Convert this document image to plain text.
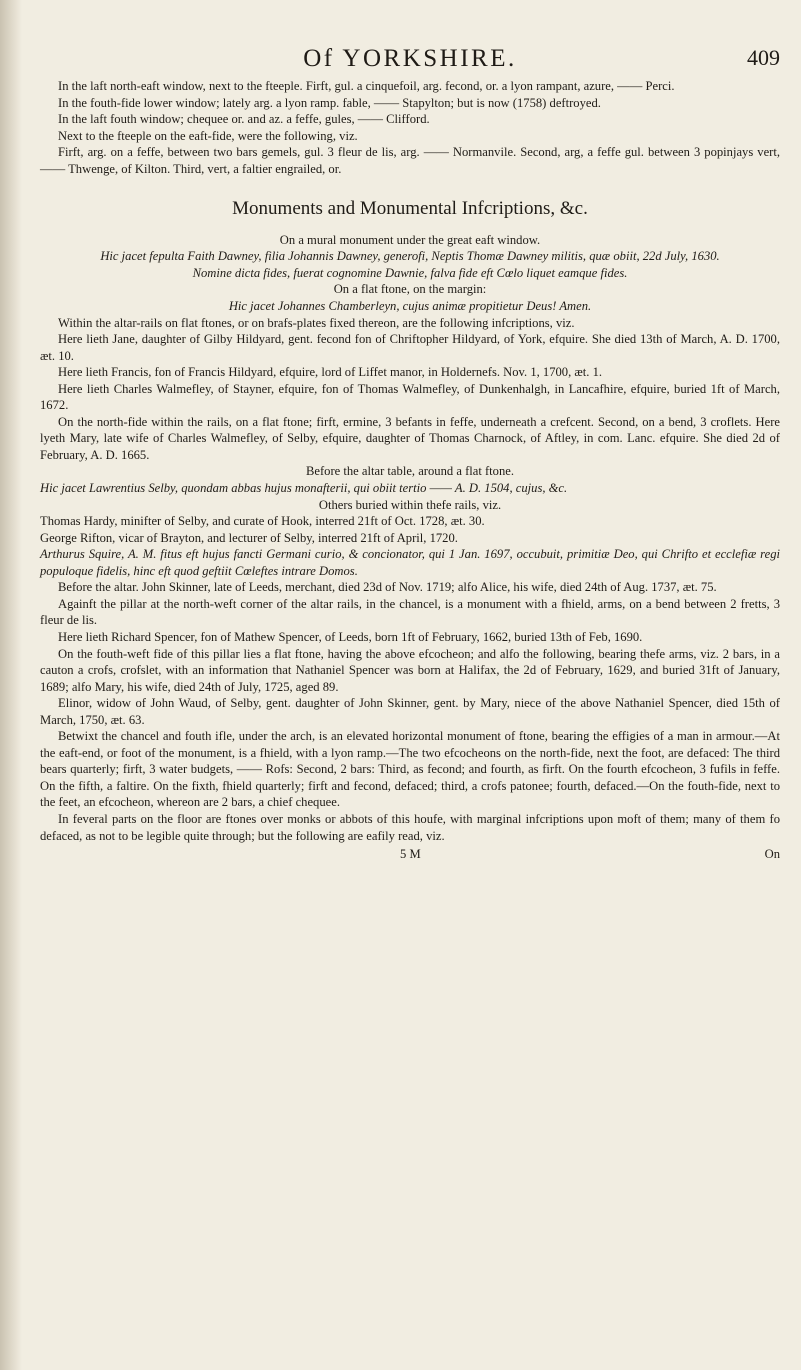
Of YORKSHIRE.	409

In the laft north-eaft window, next to the fteeple. Firft, gul. a cinquefoil, arg. fecond, or. a lyon rampant, azure, —— Perci.

In the fouth-fide lower window; lately arg. a lyon ramp. fable, —— Stapylton; but is now (1758) deftroyed.

In the laft fouth window; chequee or. and az. a feffe, gules, —— Clifford.

Next to the fteeple on the eaft-fide, were the following, viz.

Firft, arg. on a feffe, between two bars gemels, gul. 3 fleur de lis, arg. —— Normanvile. Second, arg, a feffe gul. between 3 popinjays vert, —— Thwenge, of Kilton. Third, vert, a faltier engrailed, or.

Monuments and Monumental Infcriptions, &c.

On a mural monument under the great eaft window.

Hic jacet fepulta Faith Dawney, filia Johannis Dawney, generofi, Neptis Thomæ Dawney militis, quæ obiit, 22d July, 1630. Nomine dicta fides, fuerat cognomine Dawnie, falva fide eft Cœlo liquet eamque fides.

On a flat ftone, on the margin:

Hic jacet Johannes Chamberleyn, cujus animæ propitietur Deus! Amen.

Within the altar-rails on flat ftones, or on brafs-plates fixed thereon, are the following infcriptions, viz.

Here lieth Jane, daughter of Gilby Hildyard, gent. fecond fon of Chriftopher Hildyard, of York, efquire. She died 13th of March, A. D. 1700, æt. 10.

Here lieth Francis, fon of Francis Hildyard, efquire, lord of Liffet manor, in Holdernefs. Nov. 1, 1700, æt. 1.

Here lieth Charles Walmefley, of Stayner, efquire, fon of Thomas Walmefley, of Dunkenhalgh, in Lancafhire, efquire, buried 1ft of March, 1672.

On the north-fide within the rails, on a flat ftone; firft, ermine, 3 befants in feffe, underneath a crefcent. Second, on a bend, 3 croflets. Here lyeth Mary, late wife of Charles Walmefley, of Selby, efquire, daughter of Thomas Charnock, of Aftley, in com. Lanc. efquire. She died 2d of February, A. D. 1665.

Before the altar table, around a flat ftone.

Hic jacet Lawrentius Selby, quondam abbas hujus monafterii, qui obiit tertio —— A. D. 1504, cujus, &c.

Others buried within thefe rails, viz.

Thomas Hardy, minifter of Selby, and curate of Hook, interred 21ft of Oct. 1728, æt. 30.

George Rifton, vicar of Brayton, and lecturer of Selby, interred 21ft of April, 1720.

Arthurus Squire, A. M. fitus eft hujus fancti Germani curio, & concionator, qui 1 Jan. 1697, occubuit, primitiæ Deo, qui Chrifto et ecclefiæ regi populoque fidelis, hinc eft quod geftiit Cœleftes intrare Domos.

Before the altar. John Skinner, late of Leeds, merchant, died 23d of Nov. 1719; alfo Alice, his wife, died 24th of Aug. 1737, æt. 75.

Againft the pillar at the north-weft corner of the altar rails, in the chancel, is a monument with a fhield, arms, on a bend between 2 fretts, 3 fleur de lis.

Here lieth Richard Spencer, fon of Mathew Spencer, of Leeds, born 1ft of February, 1662, buried 13th of Feb, 1690.

On the fouth-weft fide of this pillar lies a flat ftone, having the above efcocheon; and alfo the following, bearing thefe arms, viz. 2 bars, in a cauton a crofs, crofslet, with an information that Nathaniel Spencer was born at Halifax, the 2d of February, 1629, and buried 31ft of January, 1689; alfo Mary, his wife, died 24th of July, 1725, aged 89.

Elinor, widow of John Waud, of Selby, gent. daughter of John Skinner, gent. by Mary, niece of the above Nathaniel Spencer, died 15th of March, 1750, æt. 63.

Betwixt the chancel and fouth ifle, under the arch, is an elevated horizontal monument of ftone, bearing the effigies of a man in armour.—At the eaft-end, or foot of the monument, is a fhield, with a lyon ramp.—The two efcocheons on the north-fide, next the foot, are defaced: The third bears quarterly; firft, 3 water budgets, —— Rofs: Second, 2 bars: Third, as fecond; and fourth, as firft. On the fourth efcocheon, 3 fufils in feffe. On the fifth, a faltire. On the fixth, fhield quarterly; firft and fecond, defaced; third, a crofs patonee; fourth, defaced.—On the fouth-fide, next to the feet, an efcocheon, whereon are 2 bars, a chief chequee.

In feveral parts on the floor are ftones over monks or abbots of this houfe, with marginal infcriptions upon moft of them; many of them fo defaced, as not to be legible quite through; but the following are eafily read, viz.

5 M	On
